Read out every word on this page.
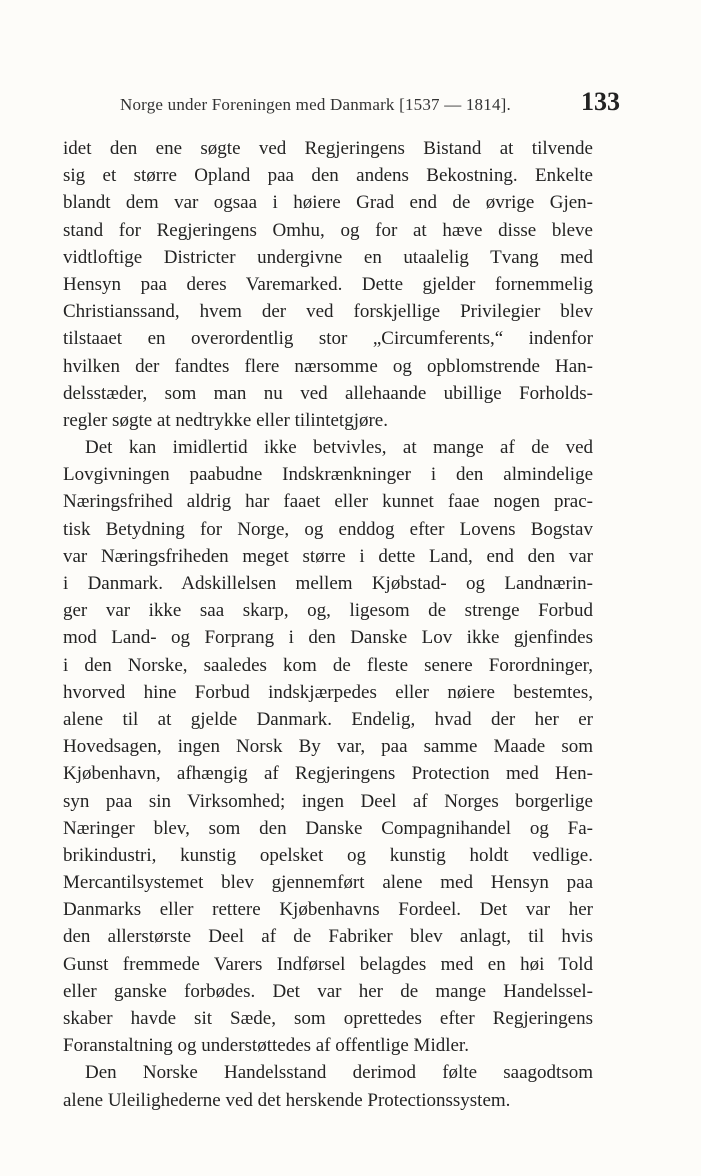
Norge under Foreningen med Danmark [1537 — 1814].	133
idet den ene søgte ved Regjeringens Bistand at tilvende
sig et større Opland paa den andens Bekostning. Enkelte
blandt dem var ogsaa i høiere Grad end de øvrige Gjen-
stand for Regjeringens Omhu, og for at hæve disse bleve
vidtloftige Districter undergivne en utaalelig Tvang med
Hensyn paa deres Varemarked. Dette gjelder fornemmelig
Christianssand, hvem der ved forskjellige Privilegier blev
tilstaaet en overordentlig stor „Circumferents,“ indenfor
hvilken der fandtes flere nærsomme og opblomstrende Han-
delsstæder, som man nu ved allehaande ubillige Forholds-
regler søgte at nedtrykke eller tilintetgjøre.
Det kan imidlertid ikke betvivles, at mange af de ved
Lovgivningen paabudne Indskrænkninger i den almindelige
Næringsfrihed aldrig har faaet eller kunnet faae nogen prac-
tisk Betydning for Norge, og enddog efter Lovens Bogstav
var Næringsfriheden meget større i dette Land, end den var
i Danmark. Adskillelsen mellem Kjøbstad- og Landnærin-
ger var ikke saa skarp, og, ligesom de strenge Forbud
mod Land- og Forprang i den Danske Lov ikke gjenfindes
i den Norske, saaledes kom de fleste senere Forordninger,
hvorved hine Forbud indskjærpedes eller nøiere bestemtes,
alene til at gjelde Danmark. Endelig, hvad der her er
Hovedsagen, ingen Norsk By var, paa samme Maade som
Kjøbenhavn, afhængig af Regjeringens Protection med Hen-
syn paa sin Virksomhed; ingen Deel af Norges borgerlige
Næringer blev, som den Danske Compagnihandel og Fa-
brikindustri, kunstig opelsket og kunstig holdt vedlige.
Mercantilsystemet blev gjennemført alene med Hensyn paa
Danmarks eller rettere Kjøbenhavns Fordeel. Det var her
den allerstørste Deel af de Fabriker blev anlagt, til hvis
Gunst fremmede Varers Indførsel belagdes med en høi Told
eller ganske forbødes. Det var her de mange Handelssel-
skaber havde sit Sæde, som oprettedes efter Regjeringens
Foranstaltning og understøttedes af offentlige Midler.
Den Norske Handelsstand derimod følte saagodtsom
alene Uleilighederne ved det herskende Protectionssystem.
